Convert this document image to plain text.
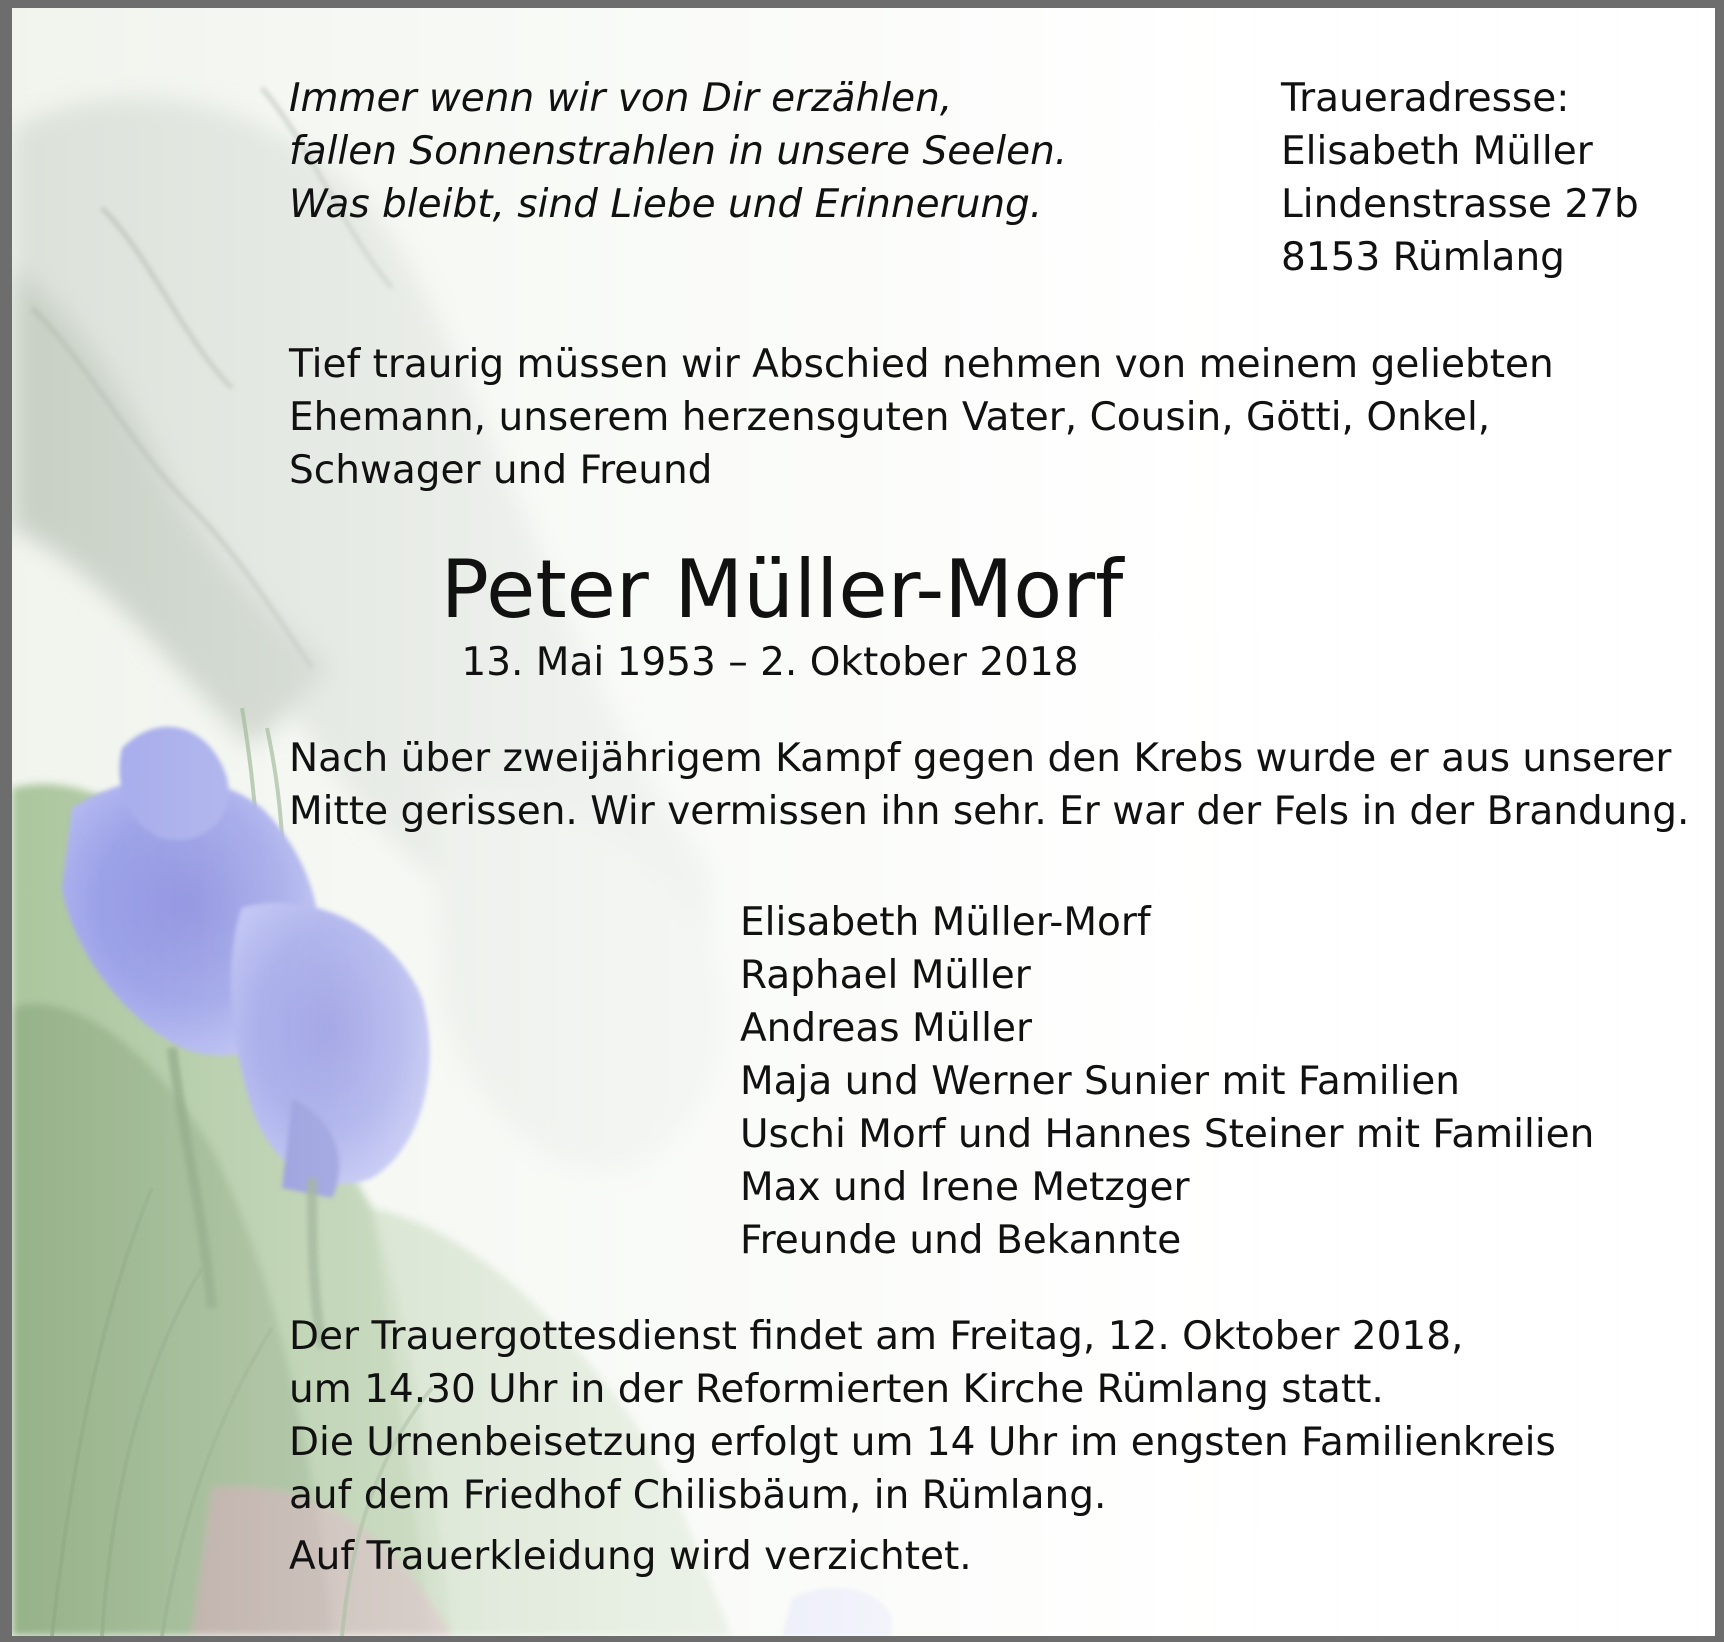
Immer wenn wir von Dir erzählen,
fallen Sonnenstrahlen in unsere Seelen.
Was bleibt, sind Liebe und Erinnerung.
Traueradresse:
Elisabeth Müller
Lindenstrasse 27b
8153 Rümlang
Tief traurig müssen wir Abschied nehmen von meinem geliebten
Ehemann, unserem herzensguten Vater, Cousin, Götti, Onkel,
Schwager und Freund
Peter Müller-Morf
13. Mai 1953 – 2. Oktober 2018
Nach über zweijährigem Kampf gegen den Krebs wurde er aus unserer
Mitte gerissen. Wir vermissen ihn sehr. Er war der Fels in der Brandung.
Elisabeth Müller-Morf
Raphael Müller
Andreas Müller
Maja und Werner Sunier mit Familien
Uschi Morf und Hannes Steiner mit Familien
Max und Irene Metzger
Freunde und Bekannte
Der Trauergottesdienst findet am Freitag, 12. Oktober 2018,
um 14.30 Uhr in der Reformierten Kirche Rümlang statt.
Die Urnenbeisetzung erfolgt um 14 Uhr im engsten Familienkreis
auf dem Friedhof Chilisbäum, in Rümlang.
Auf Trauerkleidung wird verzichtet.
